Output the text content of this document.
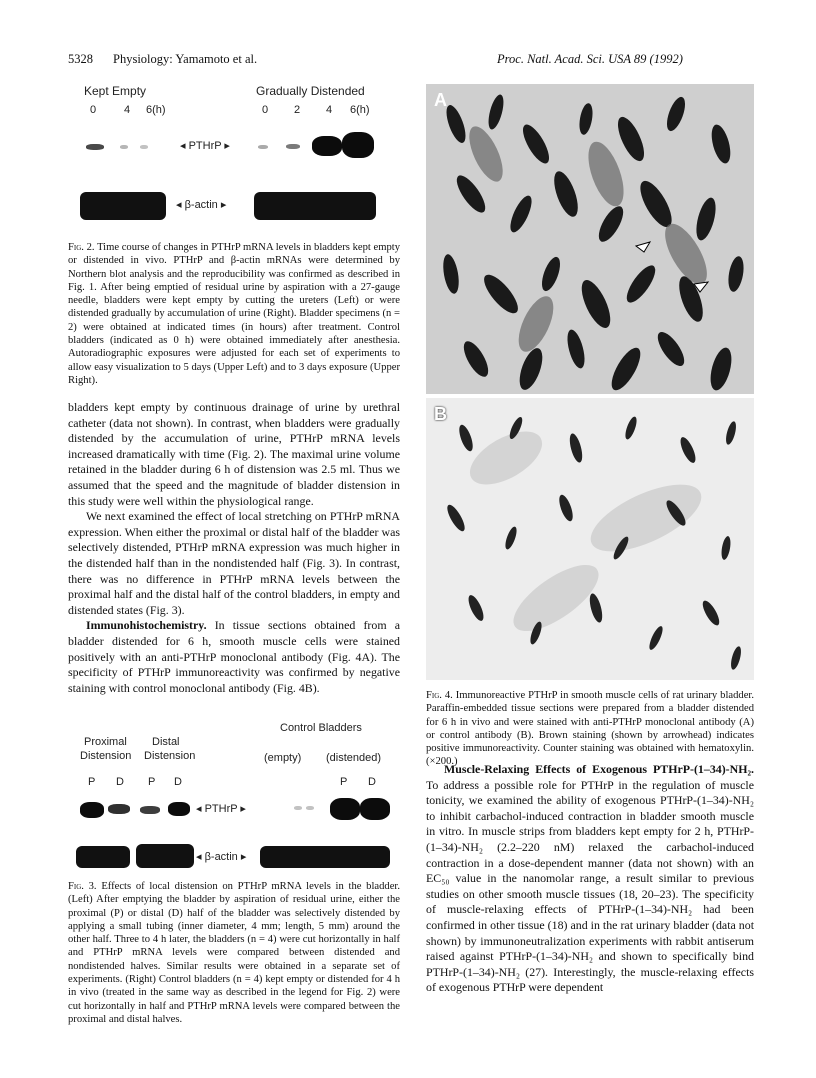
5328 Physiology: Yamamoto et al.	Proc. Natl. Acad. Sci. USA 89 (1992)
Kept Empty	Gradually Distended
0	4 6(h)	0 2 4 6(h)
◂ PTHrP ▸
◂ β-actin ▸
Fig. 2. Time course of changes in PTHrP mRNA levels in bladders kept empty or distended in vivo. PTHrP and β-actin mRNAs were determined by Northern blot analysis and the reproducibility was confirmed as described in Fig. 1. After being emptied of residual urine by aspiration with a 27-gauge needle, bladders were kept empty by cutting the ureters (Left) or were distended gradually by accumulation of urine (Right). Bladder specimens (n = 2) were obtained at indicated times (in hours) after treatment. Control bladders (indicated as 0 h) were obtained immediately after anesthesia. Autoradiographic exposures were adjusted for each set of experiments to allow easy visualization to 5 days (Upper Left) and to 3 days exposure (Upper Right).

bladders kept empty by continuous drainage of urine by urethral catheter (data not shown). In contrast, when bladders were gradually distended by the accumulation of urine, PTHrP mRNA levels increased dramatically with time (Fig. 2). The maximal urine volume retained in the bladder during 6 h of distension was 2.5 ml. Thus we assumed that the speed and the magnitude of bladder distension in this study were well within the physiological range.

We next examined the effect of local stretching on PTHrP mRNA expression. When either the proximal or distal half of the bladder was selectively distended, PTHrP mRNA expression was much higher in the distended half than in the nondistended half (Fig. 3). In contrast, there was no difference in PTHrP mRNA levels between the proximal half and the distal half of the control bladders, in empty and distended states (Fig. 3).

Immunohistochemistry. In tissue sections obtained from a bladder distended for 6 h, smooth muscle cells were stained positively with an anti-PTHrP monoclonal antibody (Fig. 4A). The specificity of PTHrP immunoreactivity was confirmed by negative staining with control monoclonal antibody (Fig. 4B).

Proximal
Distension
Distal
Distension
Control Bladders
(empty) (distended)
P D P D	P D
◂ PTHrP ▸
◂ β-actin ▸
Fig. 3. Effects of local distension on PTHrP mRNA levels in the bladder. (Left) After emptying the bladder by aspiration of residual urine, either the proximal (P) or distal (D) half of the bladder was selectively distended by applying a small tubing (inner diameter, 4 mm; length, 5 mm) around the other half. Three to 4 h later, the bladders (n = 4) were cut horizontally in half and PTHrP mRNA levels were compared between distended and nondistended halves. Similar results were obtained in a separate set of experiments. (Right) Control bladders (n = 4) kept empty or distended for 4 h in vivo (treated in the same way as described in the legend for Fig. 2) were cut horizontally in half and PTHrP mRNA levels were compared between the proximal and distal halves.
A
B
Fig. 4. Immunoreactive PTHrP in smooth muscle cells of rat urinary bladder. Paraffin-embedded tissue sections were prepared from a bladder distended for 6 h in vivo and were stained with anti-PTHrP monoclonal antibody (A) or control antibody (B). Brown staining (shown by arrowhead) indicates positive immunoreactivity. Counter staining was obtained with hematoxylin. (×200.)

Muscle-Relaxing Effects of Exogenous PTHrP-(1–34)-NH₂. To address a possible role for PTHrP in the regulation of muscle tonicity, we examined the ability of exogenous PTHrP-(1–34)-NH₂ to inhibit carbachol-induced contraction in bladder smooth muscle in vitro. In muscle strips from bladders kept empty for 2 h, PTHrP-(1–34)-NH₂ (2.2–220 nM) relaxed the carbachol-induced contraction in a dose-dependent manner (data not shown) with an EC₅₀ value in the nanomolar range, a result similar to previous studies on other smooth muscle tissues (18, 20–23). The specificity of muscle-relaxing effects of PTHrP-(1–34)-NH₂ had been confirmed in other tissue (18) and in the rat urinary bladder (data not shown) by immunoneutralization experiments with rabbit antiserum raised against PTHrP-(1–34)-NH₂ and shown to specifically bind PTHrP-(1–34)-NH₂ (27). Interestingly, the muscle-relaxing effects of exogenous PTHrP were dependent
